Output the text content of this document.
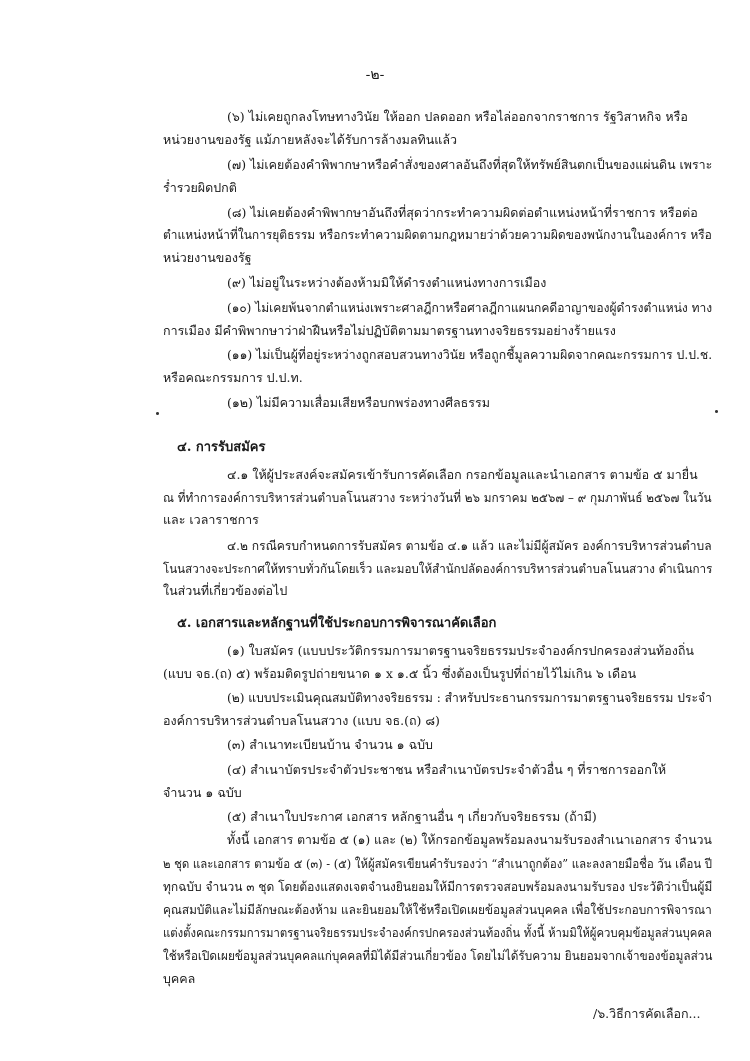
-๒-
(๖) ไม่เคยถูกลงโทษทางวินัย ให้ออก ปลดออก หรือไล่ออกจากราชการ รัฐวิสาหกิจ หรือ
หน่วยงานของรัฐ แม้ภายหลังจะได้รับการล้างมลทินแล้ว
(๗) ไม่เคยต้องคำพิพากษาหรือคำสั่งของศาลอันถึงที่สุดให้ทรัพย์สินตกเป็นของแผ่นดิน เพราะ
ร่ำรวยผิดปกติ
(๘) ไม่เคยต้องคำพิพากษาอันถึงที่สุดว่ากระทำความผิดต่อตำแหน่งหน้าที่ราชการ หรือต่อ
ตำแหน่งหน้าที่ในการยุติธรรม หรือกระทำความผิดตามกฎหมายว่าด้วยความผิดของพนักงานในองค์การ หรือ
หน่วยงานของรัฐ
(๙) ไม่อยู่ในระหว่างต้องห้ามมิให้ดำรงตำแหน่งทางการเมือง
(๑๐) ไม่เคยพ้นจากตำแหน่งเพราะศาลฎีกาหรือศาลฎีกาแผนกคดีอาญาของผู้ดำรงตำแหน่ง ทาง
การเมือง มีคำพิพากษาว่าฝ่าฝืนหรือไม่ปฏิบัติตามมาตรฐานทางจริยธรรมอย่างร้ายแรง
(๑๑) ไม่เป็นผู้ที่อยู่ระหว่างถูกสอบสวนทางวินัย หรือถูกชี้มูลความผิดจากคณะกรรมการ ป.ป.ช.
หรือคณะกรรมการ ป.ป.ท.
(๑๒) ไม่มีความเสื่อมเสียหรือบกพร่องทางศีลธรรม
๔. การรับสมัคร
๔.๑ ให้ผู้ประสงค์จะสมัครเข้ารับการคัดเลือก กรอกข้อมูลและนำเอกสาร ตามข้อ ๕ มายื่น
ณ ที่ทำการองค์การบริหารส่วนตำบลโนนสวาง ระหว่างวันที่ ๒๖ มกราคม ๒๕๖๗ – ๙ กุมภาพันธ์ ๒๕๖๗ ในวัน
และ เวลาราชการ
๔.๒ กรณีครบกำหนดการรับสมัคร ตามข้อ ๔.๑ แล้ว และไม่มีผู้สมัคร องค์การบริหารส่วนตำบล
โนนสวางจะประกาศให้ทราบทั่วกันโดยเร็ว และมอบให้สำนักปลัดองค์การบริหารส่วนตำบลโนนสวาง ดำเนินการ
ในส่วนที่เกี่ยวข้องต่อไป
๕. เอกสารและหลักฐานที่ใช้ประกอบการพิจารณาคัดเลือก
(๑) ใบสมัคร (แบบประวัติกรรมการมาตรฐานจริยธรรมประจำองค์กรปกครองส่วนท้องถิ่น
(แบบ จธ.(ถ) ๕) พร้อมติดรูปถ่ายขนาด ๑ x ๑.๕ นิ้ว ซึ่งต้องเป็นรูปที่ถ่ายไว้ไม่เกิน ๖ เดือน
(๒) แบบประเมินคุณสมบัติทางจริยธรรม : สำหรับประธานกรรมการมาตรฐานจริยธรรม ประจำ
องค์การบริหารส่วนตำบลโนนสวาง (แบบ จธ.(ถ) ๘)
(๓) สำเนาทะเบียนบ้าน จำนวน ๑ ฉบับ
(๔) สำเนาบัตรประจำตัวประชาชน หรือสำเนาบัตรประจำตัวอื่น ๆ ที่ราชการออกให้
จำนวน ๑ ฉบับ
(๕) สำเนาใบประกาศ เอกสาร หลักฐานอื่น ๆ เกี่ยวกับจริยธรรม (ถ้ามี)
ทั้งนี้ เอกสาร ตามข้อ ๕ (๑) และ (๒) ให้กรอกข้อมูลพร้อมลงนามรับรองสำเนาเอกสาร จำนวน
๒ ชุด และเอกสาร ตามข้อ ๕ (๓) - (๕) ให้ผู้สมัครเขียนคำรับรองว่า “สำเนาถูกต้อง” และลงลายมือชื่อ วัน เดือน ปี
ทุกฉบับ จำนวน ๓ ชุด โดยต้องแสดงเจตจำนงยินยอมให้มีการตรวจสอบพร้อมลงนามรับรอง ประวัติว่าเป็นผู้มี
คุณสมบัติและไม่มีลักษณะต้องห้าม และยินยอมให้ใช้หรือเปิดเผยข้อมูลส่วนบุคคล เพื่อใช้ประกอบการพิจารณา
แต่งตั้งคณะกรรมการมาตรฐานจริยธรรมประจำองค์กรปกครองส่วนท้องถิ่น ทั้งนี้ ห้ามมิให้ผู้ควบคุมข้อมูลส่วนบุคคล
ใช้หรือเปิดเผยข้อมูลส่วนบุคคลแก่บุคคลที่มิได้มีส่วนเกี่ยวข้อง โดยไม่ได้รับความ ยินยอมจากเจ้าของข้อมูลส่วน
บุคคล
/๖.วิธีการคัดเลือก...
